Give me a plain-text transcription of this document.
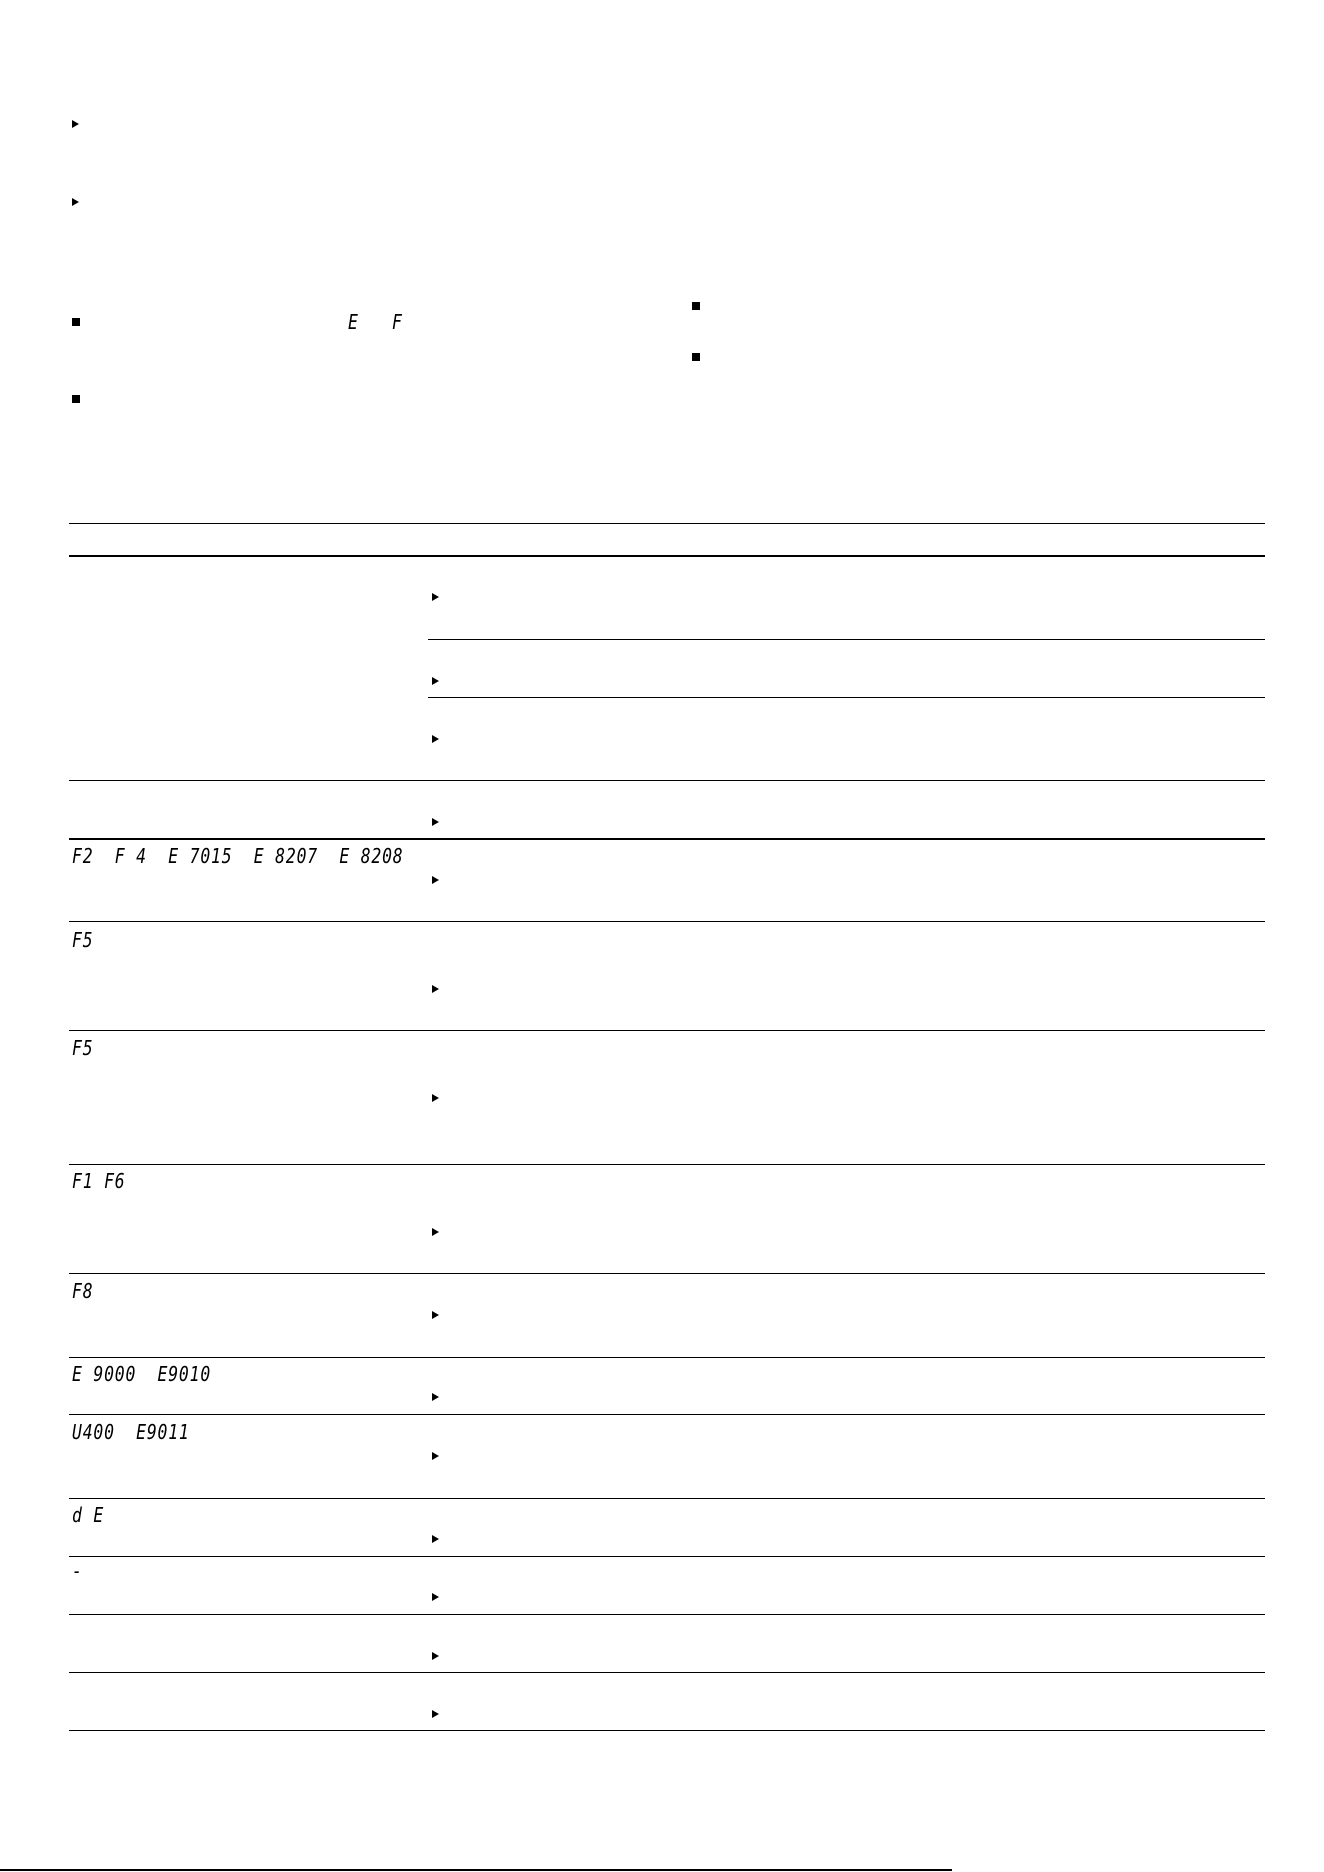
E F
F2  F 4  E 7015  E 8207  E 8208
F5
F5
F1 F6
F8
E 9000  E9010
U400  E9011
d E
-
